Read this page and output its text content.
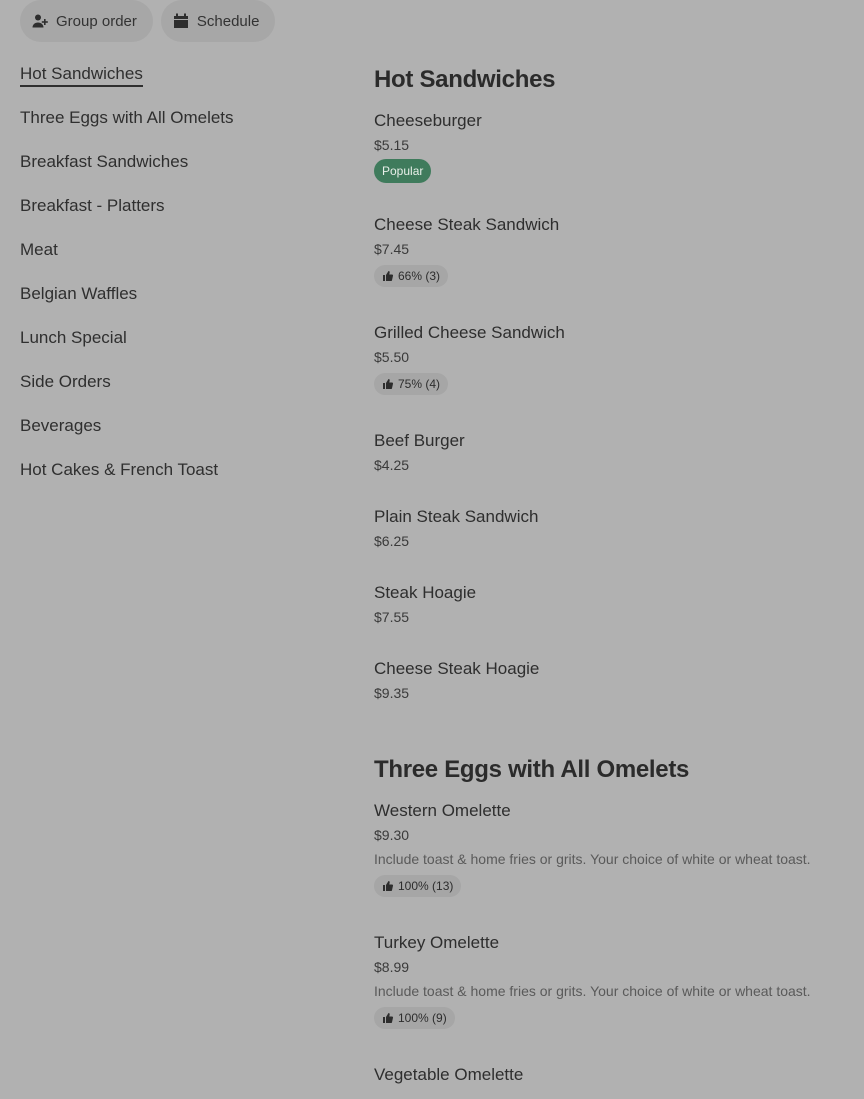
Group order	Schedule
Hot Sandwiches
Three Eggs with All Omelets
Breakfast Sandwiches
Breakfast - Platters
Meat
Belgian Waffles
Lunch Special
Side Orders
Beverages
Hot Cakes & French Toast
Hot Sandwiches
Cheeseburger
$5.15
Popular
Cheese Steak Sandwich
$7.45
66% (3)
Grilled Cheese Sandwich
$5.50
75% (4)
Beef Burger
$4.25
Plain Steak Sandwich
$6.25
Steak Hoagie
$7.55
Cheese Steak Hoagie
$9.35
Three Eggs with All Omelets
Western Omelette
$9.30
Include toast & home fries or grits. Your choice of white or wheat toast.
100% (13)
Turkey Omelette
$8.99
Include toast & home fries or grits. Your choice of white or wheat toast.
100% (9)
Vegetable Omelette
